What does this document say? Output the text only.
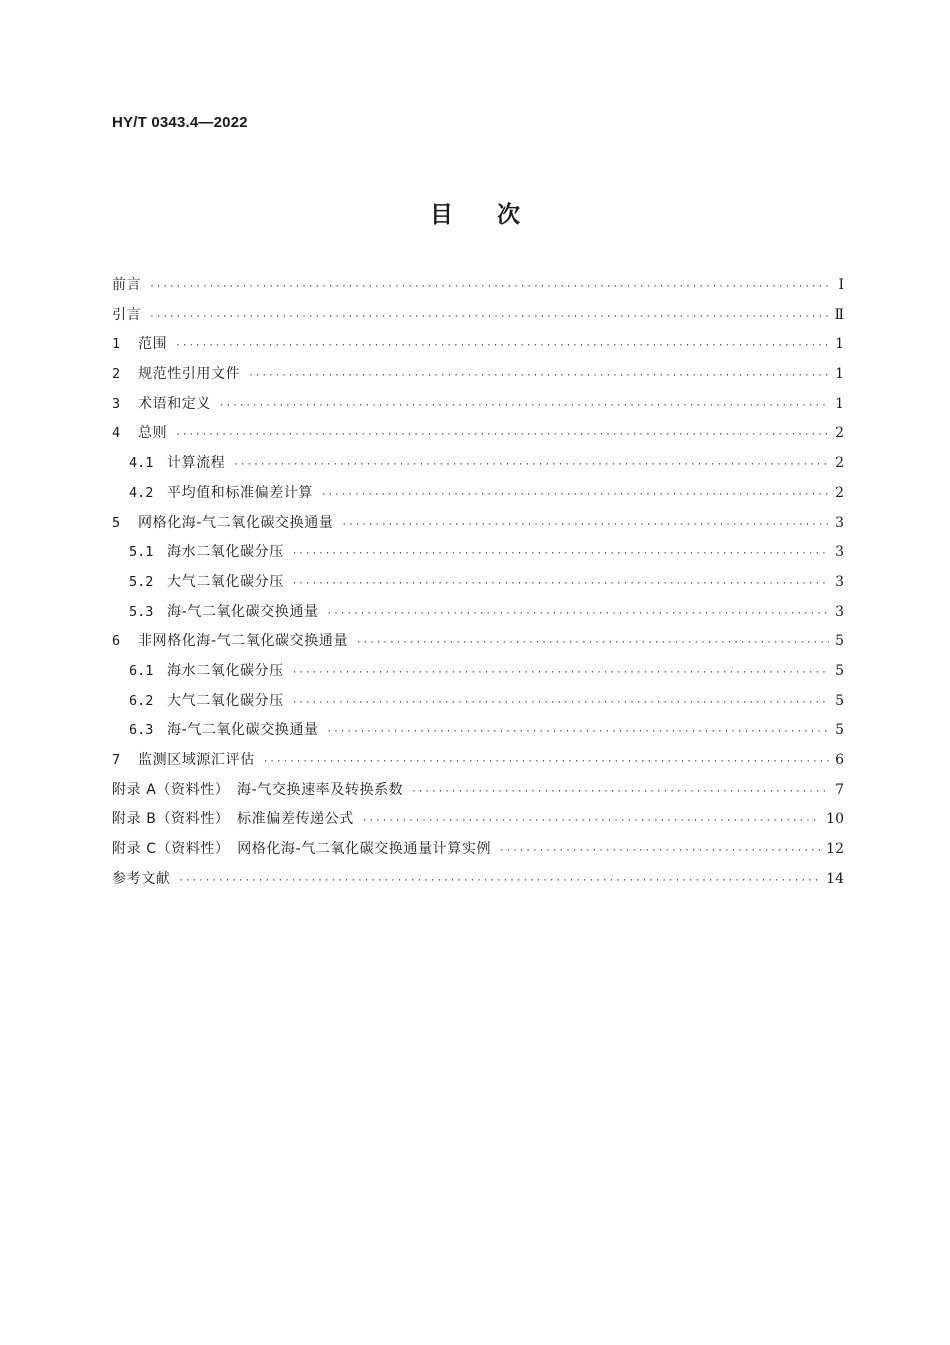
HY/T 0343.4—2022
目次
前言 ·····	Ⅰ
引言 ·····	Ⅱ
1	范围 ·····	1
2	规范性引用文件 ·····	1
3	术语和定义 ·····	1
4	总则 ·····	2
4.1 计算流程 ·····	2
4.2 平均值和标准偏差计算 ·····	2
5	网格化海-气二氧化碳交换通量 ·····	3
5.1 海水二氧化碳分压 ·····	3
5.2 大气二氧化碳分压 ·····	3
5.3 海-气二氧化碳交换通量 ·····	3
6	非网格化海-气二氧化碳交换通量 ·····	5
6.1 海水二氧化碳分压 ·····	5
6.2 大气二氧化碳分压 ·····	5
6.3 海-气二氧化碳交换通量 ·····	5
7	监测区域源汇评估 ·····	6
附录 A（资料性）　海-气交换速率及转换系数 ·····	7
附录 B（资料性）　标准偏差传递公式 ·····	10
附录 C（资料性）　网格化海-气二氧化碳交换通量计算实例 ·····	12
参考文献 ·····	14
